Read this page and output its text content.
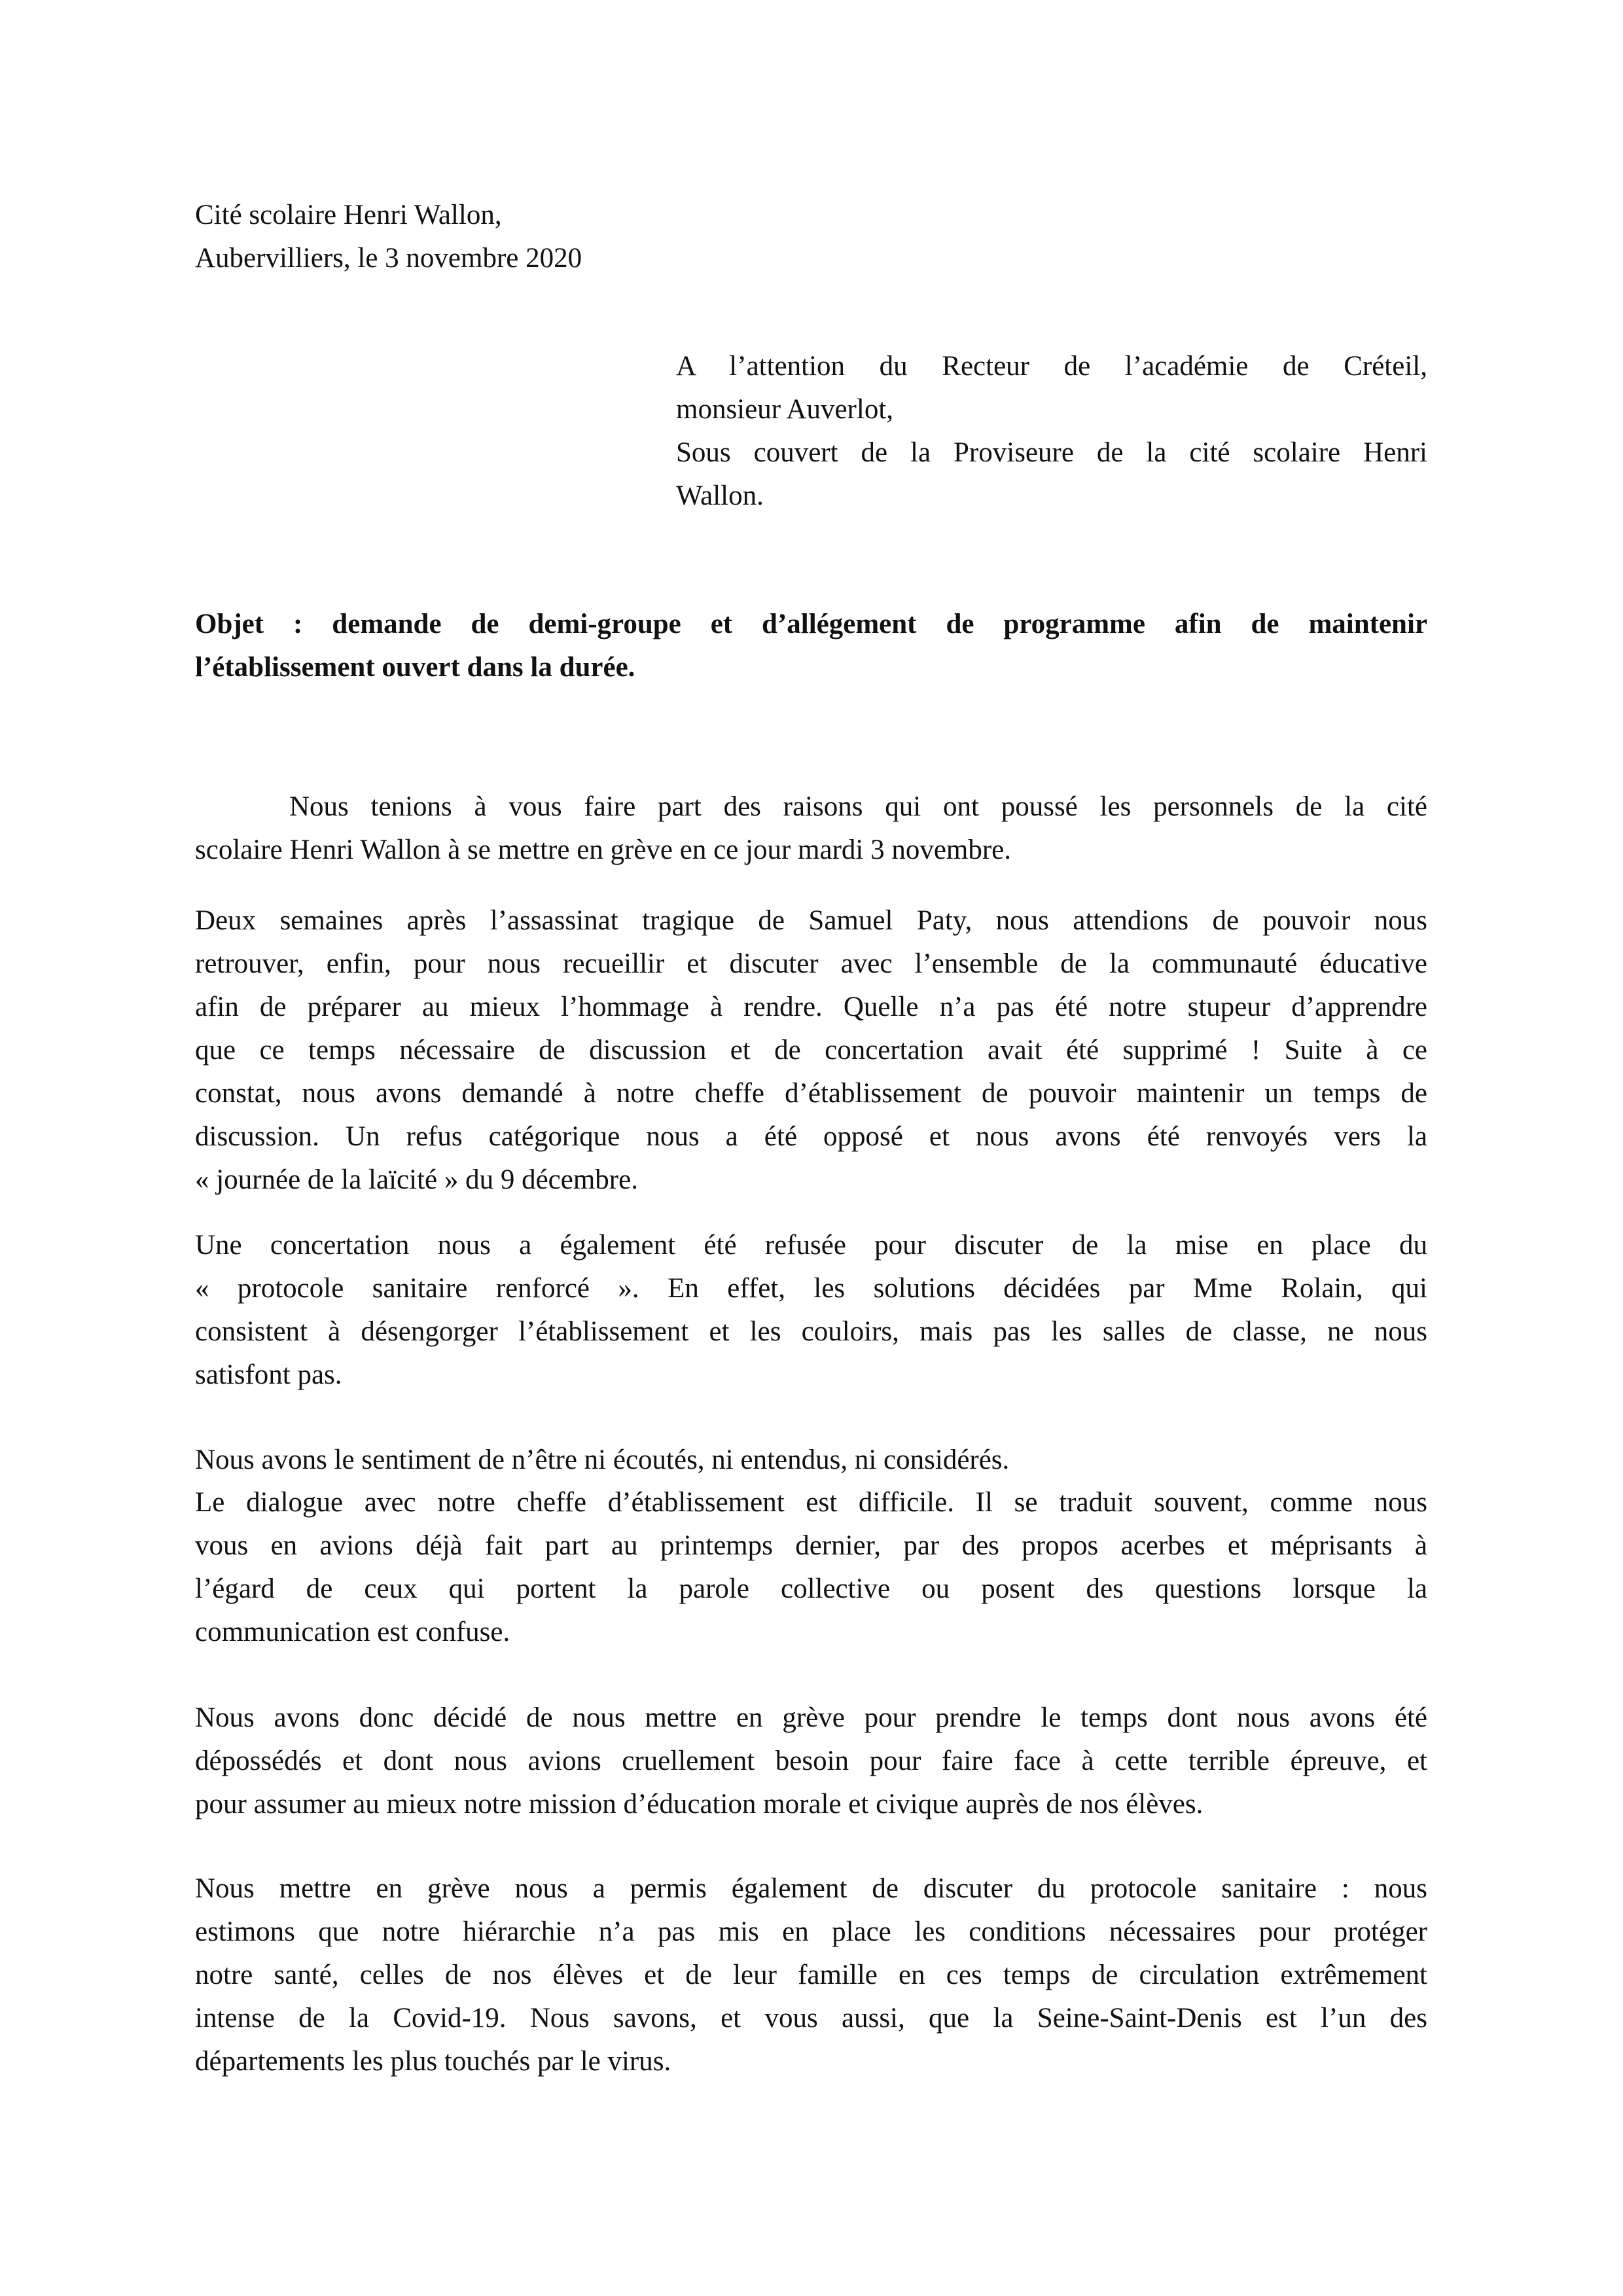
Cité scolaire Henri Wallon,
Aubervilliers, le 3 novembre 2020
A l’attention du Recteur de l’académie de Créteil,
monsieur Auverlot,
Sous couvert de la Proviseure de la cité scolaire Henri
Wallon.
Objet : demande de demi-groupe et d’allégement de programme afin de maintenir
l’établissement ouvert dans la durée.
Nous tenions à vous faire part des raisons qui ont poussé les personnels de la cité
scolaire Henri Wallon à se mettre en grève en ce jour mardi 3 novembre.
Deux semaines après l’assassinat tragique de Samuel Paty, nous attendions de pouvoir nous
retrouver, enfin, pour nous recueillir et discuter avec l’ensemble de la communauté éducative
afin de préparer au mieux l’hommage à rendre. Quelle n’a pas été notre stupeur d’apprendre
que ce temps nécessaire de discussion et de concertation avait été supprimé ! Suite à ce
constat, nous avons demandé à notre cheffe d’établissement de pouvoir maintenir un temps de
discussion. Un refus catégorique nous a été opposé et nous avons été renvoyés vers la
« journée de la laïcité » du 9 décembre.
Une concertation nous a également été refusée pour discuter de la mise en place du
« protocole sanitaire renforcé ». En effet, les solutions décidées par Mme Rolain, qui
consistent à désengorger l’établissement et les couloirs, mais pas les salles de classe, ne nous
satisfont pas.
Nous avons le sentiment de n’être ni écoutés, ni entendus, ni considérés.
Le dialogue avec notre cheffe d’établissement est difficile. Il se traduit souvent, comme nous
vous en avions déjà fait part au printemps dernier, par des propos acerbes et méprisants à
l’égard de ceux qui portent la parole collective ou posent des questions lorsque la
communication est confuse.
Nous avons donc décidé de nous mettre en grève pour prendre le temps dont nous avons été
dépossédés et dont nous avions cruellement besoin pour faire face à cette terrible épreuve, et
pour assumer au mieux notre mission d’éducation morale et civique auprès de nos élèves.
Nous mettre en grève nous a permis également de discuter du protocole sanitaire : nous
estimons que notre hiérarchie n’a pas mis en place les conditions nécessaires pour protéger
notre santé, celles de nos élèves et de leur famille en ces temps de circulation extrêmement
intense de la Covid-19. Nous savons, et vous aussi, que la Seine-Saint-Denis est l’un des
départements les plus touchés par le virus.
